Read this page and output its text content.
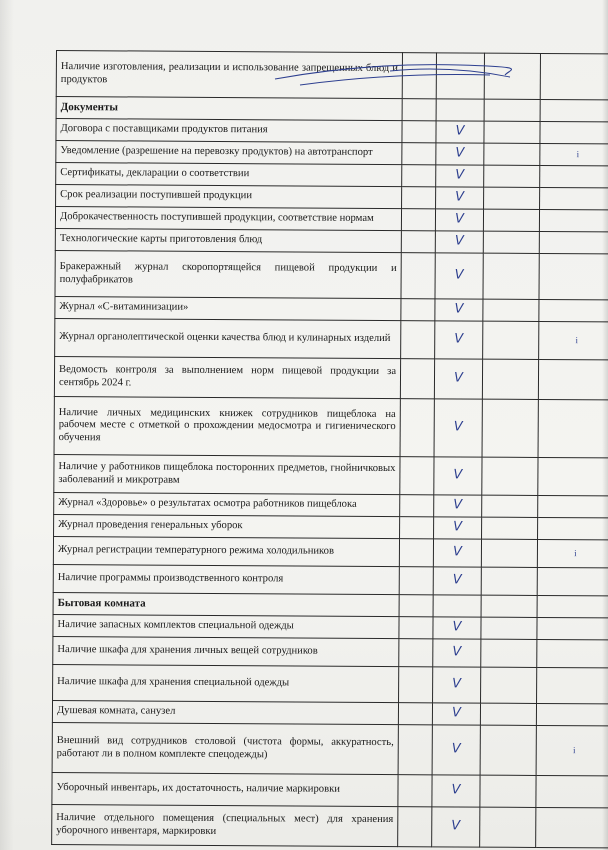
Наличие изготовления, реализации и использование запрещенных блюд и продуктов				
Документы				
Договора с поставщиками продуктов питания		V		
Уведомление (разрешение на перевозку продуктов) на автотранспорт		V		i
Сертификаты, декларации о соответствии		V		
Срок реализации поступившей продукции		V		
Доброкачественность поступившей продукции, соответствие нормам		V		
Технологические карты приготовления блюд		V		
Бракеражный журнал скоропортящейся пищевой продукции и полуфабрикатов		V		
Журнал «С-витаминизации»		V		
Журнал органолептической оценки качества блюд и кулинарных изделий		V		i
Ведомость контроля за выполнением норм пищевой продукции за сентябрь 2024 г.		V		
Наличие личных медицинских книжек сотрудников пищеблока на рабочем месте с отметкой о прохождении медосмотра и гигиенического обучения		V		
Наличие у работников пищеблока посторонних предметов, гнойничковых заболеваний и микротравм		V		
Журнал «Здоровье» о результатах осмотра работников пищеблока		V		
Журнал проведения генеральных уборок		V		
Журнал регистрации температурного режима холодильников		V		i
Наличие программы производственного контроля		V		
Бытовая комната				
Наличие запасных комплектов специальной одежды		V		
Наличие шкафа для хранения личных вещей сотрудников		V		
Наличие шкафа для хранения специальной одежды		V		
Душевая комната, санузел		V		
Внешний вид сотрудников столовой (чистота формы, аккуратность, работают ли в полном комплекте спецодежды)		V		i
Уборочный инвентарь, их достаточность, наличие маркировки		V		
Наличие отдельного помещения (специальных мест) для хранения уборочного инвентаря, маркировки		V		
